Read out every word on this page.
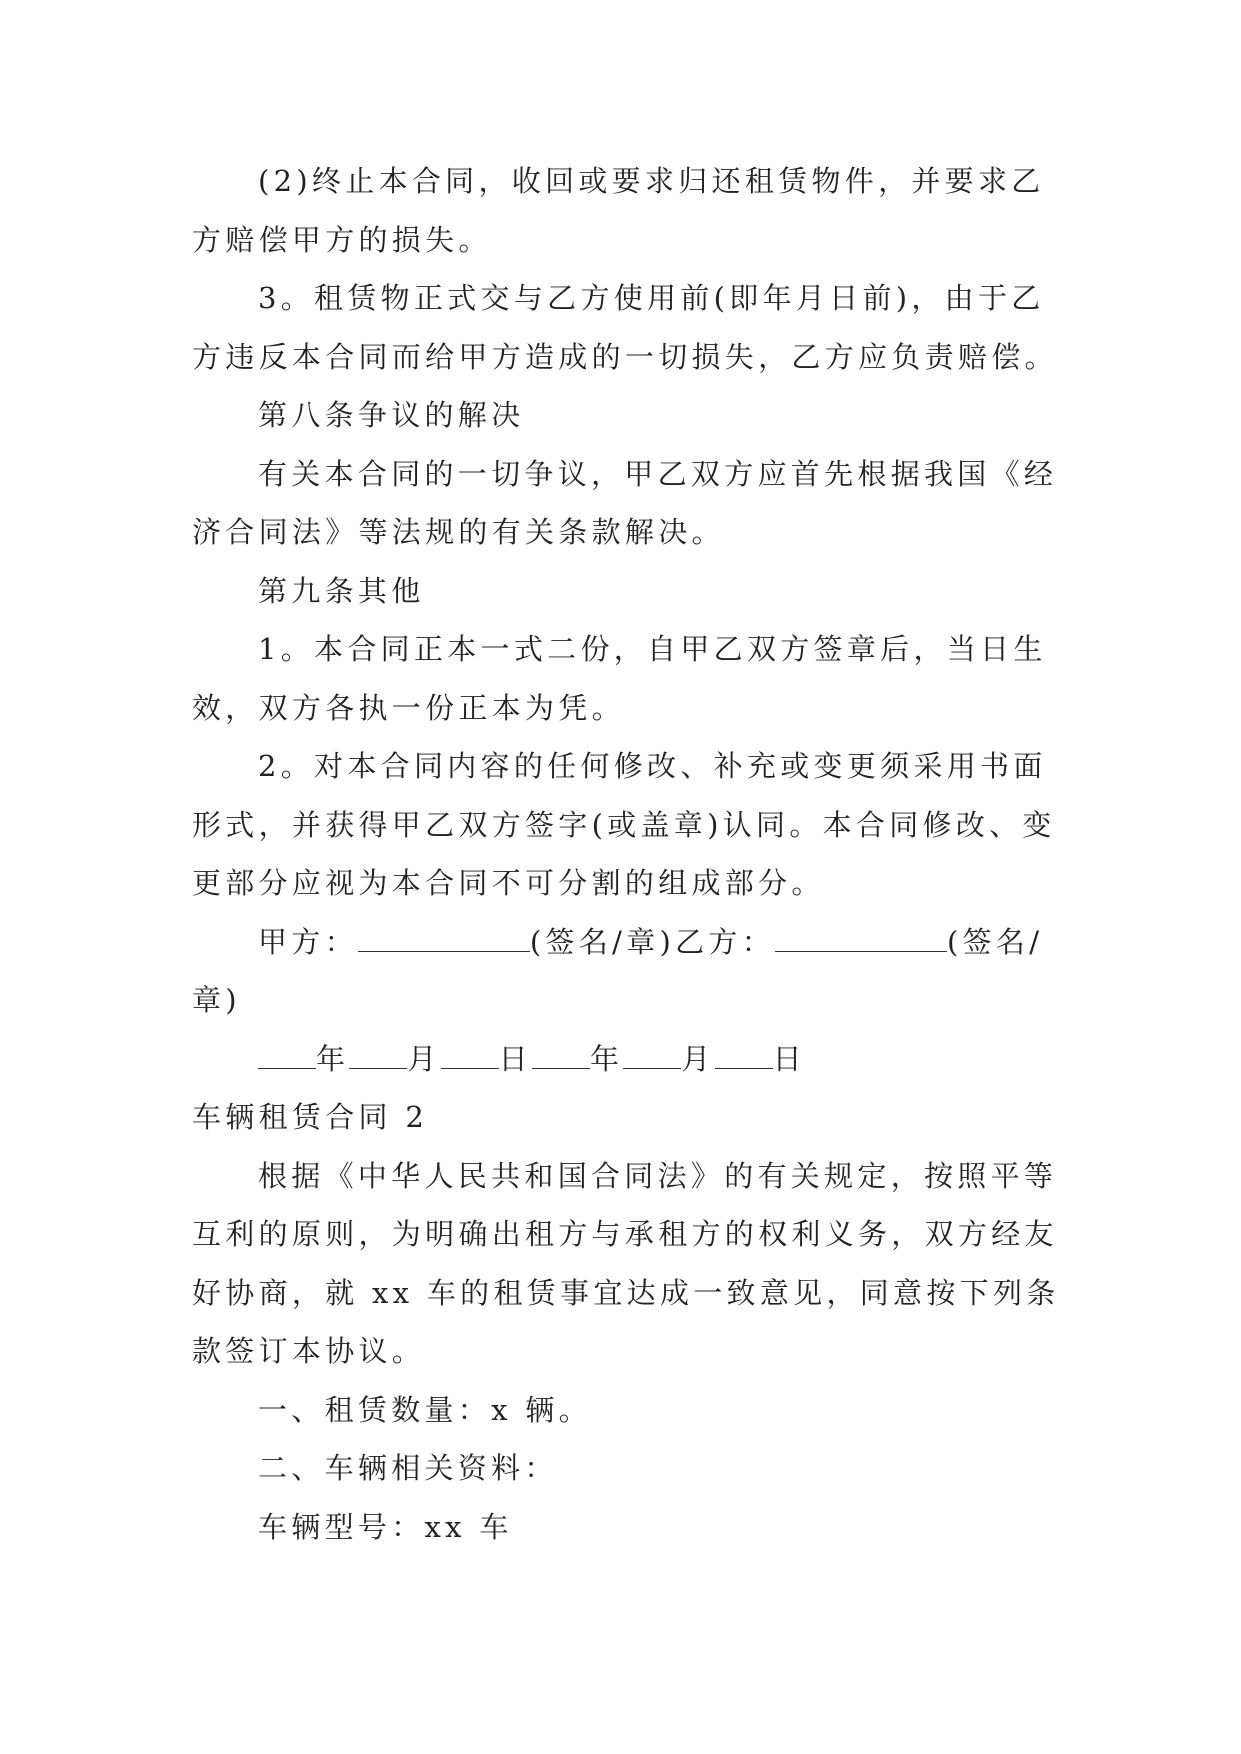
(2)终止本合同，收回或要求归还租赁物件，并要求乙方赔偿甲方的损失。

3。租赁物正式交与乙方使用前(即年月日前)，由于乙方违反本合同而给甲方造成的一切损失，乙方应负责赔偿。

第八条争议的解决

有关本合同的一切争议，甲乙双方应首先根据我国《经济合同法》等法规的有关条款解决。

第九条其他

1。本合同正本一式二份，自甲乙双方签章后，当日生效，双方各执一份正本为凭。

2。对本合同内容的任何修改、补充或变更须采用书面形式，并获得甲乙双方签字(或盖章)认同。本合同修改、变更部分应视为本合同不可分割的组成部分。

甲方：	(签名/章)乙方：	(签名/章)

年 月 日 年 月 日

车辆租赁合同 2

根据《中华人民共和国合同法》的有关规定，按照平等互利的原则，为明确出租方与承租方的权利义务，双方经友好协商，就 xx 车的租赁事宜达成一致意见，同意按下列条款签订本协议。

一、租赁数量：x 辆。

二、车辆相关资料：

车辆型号：xx 车
